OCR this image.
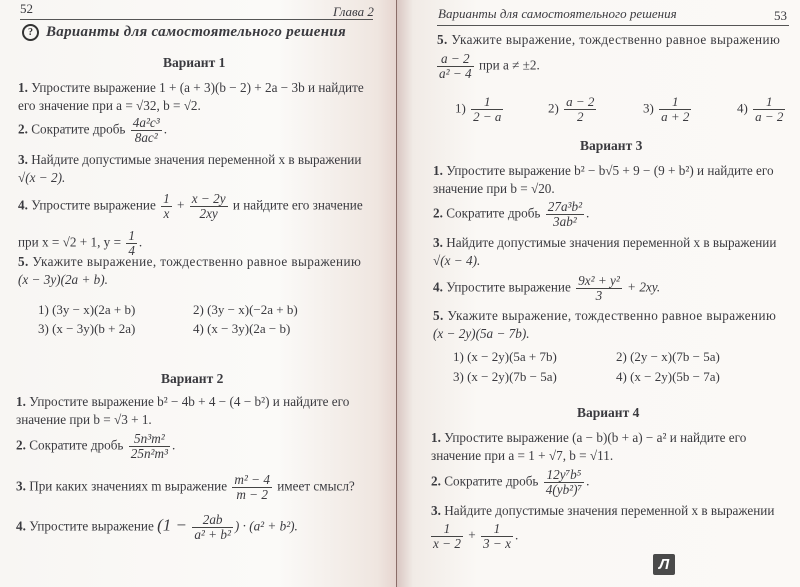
52	Глава 2
? Варианты для самостоятельного решения
Вариант 1
1. Упростите выражение 1 + (a + 3)(b − 2) + 2a − 3b и найдите
его значение при a = √32, b = √2.
2. Сократите дробь $\frac{\text{4a²c³}}{\text{8ac²}}$ .
3. Найдите допустимые значения переменной x в выражении
√(x − 2).
4. Упростите выражение $\frac{1}{x} + \frac{x - 2y}{2xy}$ и найдите его значение
при x = √2 + 1, $y = \frac{1}{4}$ .
5. Укажите выражение, тождественно равное выражению
(x − 3y)(2a + b).
1) (3y − x)(2a + b)	2) (3y − x)(−2a + b)
3) (x − 3y)(b + 2a)	4) (x − 3y)(2a − b)
Вариант 2
1. Упростите выражение b² − 4b + 4 − (4 − b²) и найдите его
значение при b = √3 + 1.
2. Сократите дробь $\frac{\text{5n³m²}}{\text{25n²m³}}$ .
3. При каких значениях m выражение $\frac{\text{m² − 4}}{m - 2}$ имеет смысл?
4. Упростите выражение ($1 - \frac{2ab}{\text{a² + b²}}$ ) · (a² + b²).
Варианты для самостоятельного решения	53
5. Укажите выражение, тождественно равное выражению
$\frac{a - 2}{\text{a² − 4}}$ при a ≠ ±2.
$1) \frac{1}{2 - a}$	$2) \frac{a - 2}{2}$	$3) \frac{1}{a + 2}$	$4) \frac{1}{a - 2}$
Вариант 3
1. Упростите выражение b² − b√5 + 9 − (9 + b²) и найдите его
значение при b = √20.
2. Сократите дробь $\frac{\text{27a³b²}}{\text{3ab²}}$ .
3. Найдите допустимые значения переменной x в выражении
√(x − 4).
4. Упростите выражение $\frac{\text{9x² + y²}}{3} + 2xy$.
5. Укажите выражение, тождественно равное выражению
(x − 2y)(5a − 7b).
1) (x − 2y)(5a + 7b)	2) (2y − x)(7b − 5a)
3) (x − 2y)(7b − 5a)	4) (x − 2y)(5b − 7a)
Вариант 4
1. Упростите выражение (a − b)(b + a) − a² и найдите его
значение при a = 1 + √7, b = √11.
2. Сократите дробь $\frac{\text{12y⁷b⁵}}{\text{4(yb²)⁷}}$ .
3. Найдите допустимые значения переменной x в выражении
$\frac{1}{x - 2} + \frac{1}{3 - x}$ .
Л
